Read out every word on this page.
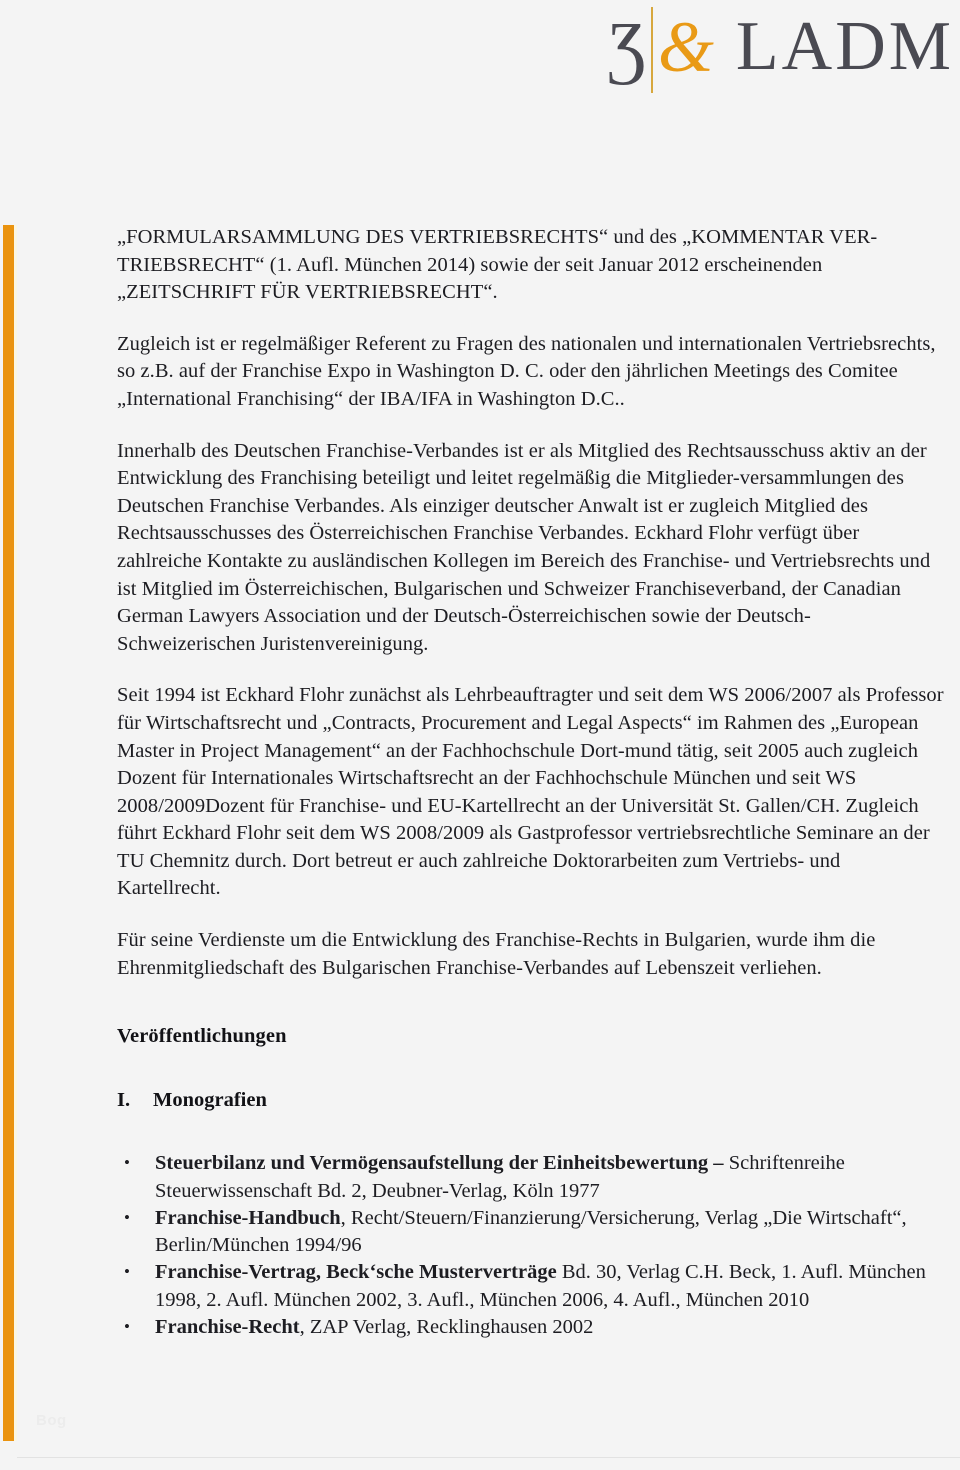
Ƹ & LADM

„FORMULARSAMMLUNG DES VERTRIEBSRECHTS“ und des „KOMMENTAR VER-TRIEBSRECHT“ (1. Aufl. München 2014) sowie der seit Januar 2012 erscheinenden „ZEITSCHRIFT FÜR VERTRIEBSRECHT“.

Zugleich ist er regelmäßiger Referent zu Fragen des nationalen und internationalen Vertriebsrechts, so z.B. auf der Franchise Expo in Washington D. C. oder den jährlichen Meetings des Comitee „International Franchising“ der IBA/IFA in Washington D.C..

Innerhalb des Deutschen Franchise-Verbandes ist er als Mitglied des Rechtsausschuss aktiv an der Entwicklung des Franchising beteiligt und leitet regelmäßig die Mitglieder-versammlungen des Deutschen Franchise Verbandes. Als einziger deutscher Anwalt ist er zugleich Mitglied des Rechtsausschusses des Österreichischen Franchise Verbandes. Eckhard Flohr verfügt über zahlreiche Kontakte zu ausländischen Kollegen im Bereich des Franchise- und Vertriebsrechts und ist Mitglied im Österreichischen, Bulgarischen und Schweizer Franchiseverband, der Canadian German Lawyers Association und der Deutsch-Österreichischen sowie der Deutsch-Schweizerischen Juristenvereinigung.

Seit 1994 ist Eckhard Flohr zunächst als Lehrbeauftragter und seit dem WS 2006/2007 als Professor für Wirtschaftsrecht und „Contracts, Procurement and Legal Aspects“ im Rahmen des „European Master in Project Management“ an der Fachhochschule Dort-mund tätig, seit 2005 auch zugleich Dozent für Internationales Wirtschaftsrecht an der Fachhochschule München und seit WS 2008/2009Dozent für Franchise- und EU-Kartellrecht an der Universität St. Gallen/CH. Zugleich führt Eckhard Flohr seit dem WS 2008/2009 als Gastprofessor vertriebsrechtliche Seminare an der TU Chemnitz durch. Dort betreut er auch zahlreiche Doktorarbeiten zum Vertriebs- und Kartellrecht.

Für seine Verdienste um die Entwicklung des Franchise-Rechts in Bulgarien, wurde ihm die Ehrenmitgliedschaft des Bulgarischen Franchise-Verbandes auf Lebenszeit verliehen.

Veröffentlichungen
I.	Monografien
• Steuerbilanz und Vermögensaufstellung der Einheitsbewertung – Schriftenreihe Steuerwissenschaft Bd. 2, Deubner-Verlag, Köln 1977
• Franchise-Handbuch, Recht/Steuern/Finanzierung/Versicherung, Verlag „Die Wirtschaft“, Berlin/München 1994/96
• Franchise-Vertrag, Beck‘sche Musterverträge Bd. 30, Verlag C.H. Beck, 1. Aufl. München 1998, 2. Aufl. München 2002, 3. Aufl., München 2006, 4. Aufl., München 2010
• Franchise-Recht, ZAP Verlag, Recklinghausen 2002
Bog
